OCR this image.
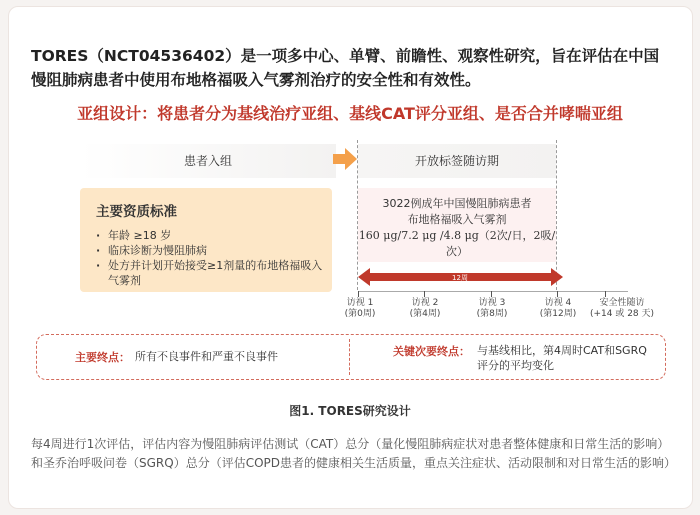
TORES（NCT04536402）是一项多中心、单臂、前瞻性、观察性研究，旨在评估在中国慢阻肺病患者中使用布地格福吸入气雾剂治疗的安全性和有效性。
亚组设计：将患者分为基线治疗亚组、基线CAT评分亚组、是否合并哮喘亚组
患者入组	开放标签随访期
主要资质标准
· 年龄 ≥18 岁
· 临床诊断为慢阻肺病
· 处方并计划开始接受≥1剂量的布地格福吸入气雾剂
3022例成年中国慢阻肺病患者
布地格福吸入气雾剂
160 μg/7.2 μg /4.8 μg（2次/日，2吸/次）
12周
访视 1
(第0周)
访视 2
(第4周)
访视 3
(第8周)
访视 4
(第12周)
安全性随访
(+14 或 28 天)
主要终点： 所有不良事件和严重不良事件	关键次要终点： 与基线相比，第4周时CAT和SGRQ评分的平均变化
图1. TORES研究设计
每4周进行1次评估，评估内容为慢阻肺病评估测试（CAT）总分（量化慢阻肺病症状对患者整体健康和日常生活的影响）和圣乔治呼吸问卷（SGRQ）总分（评估COPD患者的健康相关生活质量，重点关注症状、活动限制和对日常生活的影响）
